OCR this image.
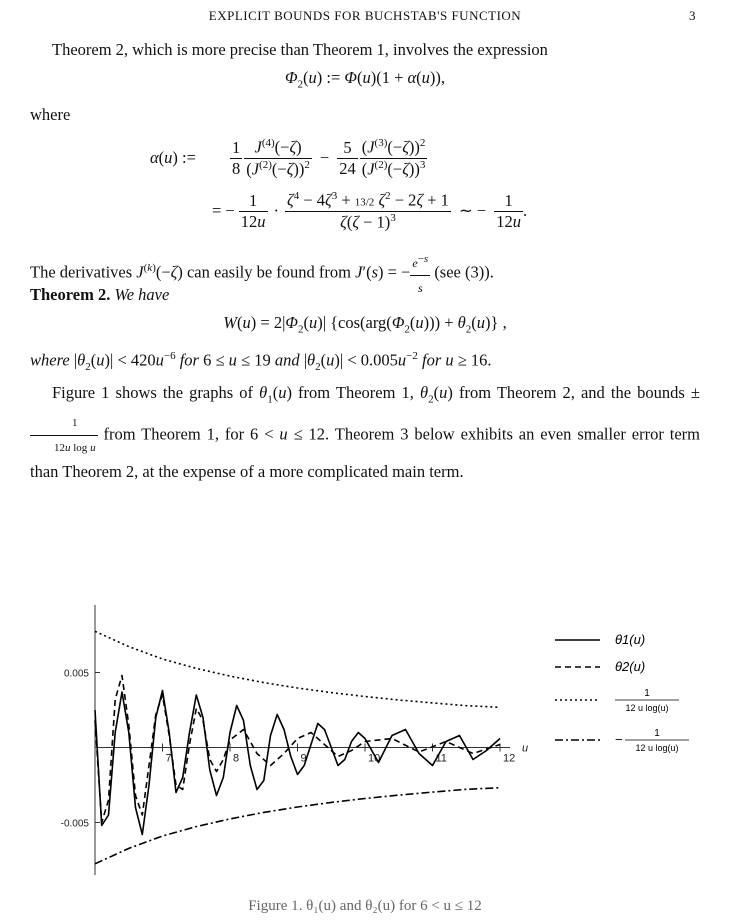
EXPLICIT BOUNDS FOR BUCHSTAB'S FUNCTION	3
Theorem 2, which is more precise than Theorem 1, involves the expression
$\Phi_2(u)$ := Φ(u)(1 + α(u)),
where
α(u) :=	$\frac{1}{8} \frac{J^{(4)}(-\zeta)}{(J^{(2)}(-\zeta))^2} - \frac{5}{24} \frac{(J^{(3)}(-\zeta))^2}{(J^{(2)}(-\zeta))^3}$
= − $\frac{1}{12u} \cdot \frac{\zeta^4 - 4\zeta^3 + 13/2 \zeta^2 - 2\zeta + 1}{\zeta(\zeta - 1)^3}$ ∼ − $\frac{1}{12u}$ .
The derivatives $J^{(k)}(-\zeta)$ can easily be found from J′(s) = − $\frac{e^{-s}}{s} (see$ (3)).
Theorem 2. We have
$W(u) = 2|\Phi_2(u)|$ $\{\cos(arg(\Phi_2(u))) + \theta_2(u)\}$ ,
where $|\theta_2(u)| < 420u^{-6}$ for 6 ≤ u ≤ 19 and $|\theta_2(u)| < 0.005u^{-2}$ for u ≥ 16.
Figure 1 shows the graphs of $\theta_1(u)$ from Theorem 1, $\theta_2(u)$ from Theorem 2, and the bounds ±
$\frac{1}{\text{12u log u}}$ from Theorem 1, for 6 < u ≤ 12. Theorem 3 below exhibits an even smaller error term than Theorem 2, at the expense of a more complicated main term.
7	8	9	10	11	12
u
0.005
-0.005
θ1(u)
θ2(u)
1
12 u log(u)
−	1
12 u log(u)
Figure 1. θ₁(u) and θ₂(u) for 6 < u ≤ 12
